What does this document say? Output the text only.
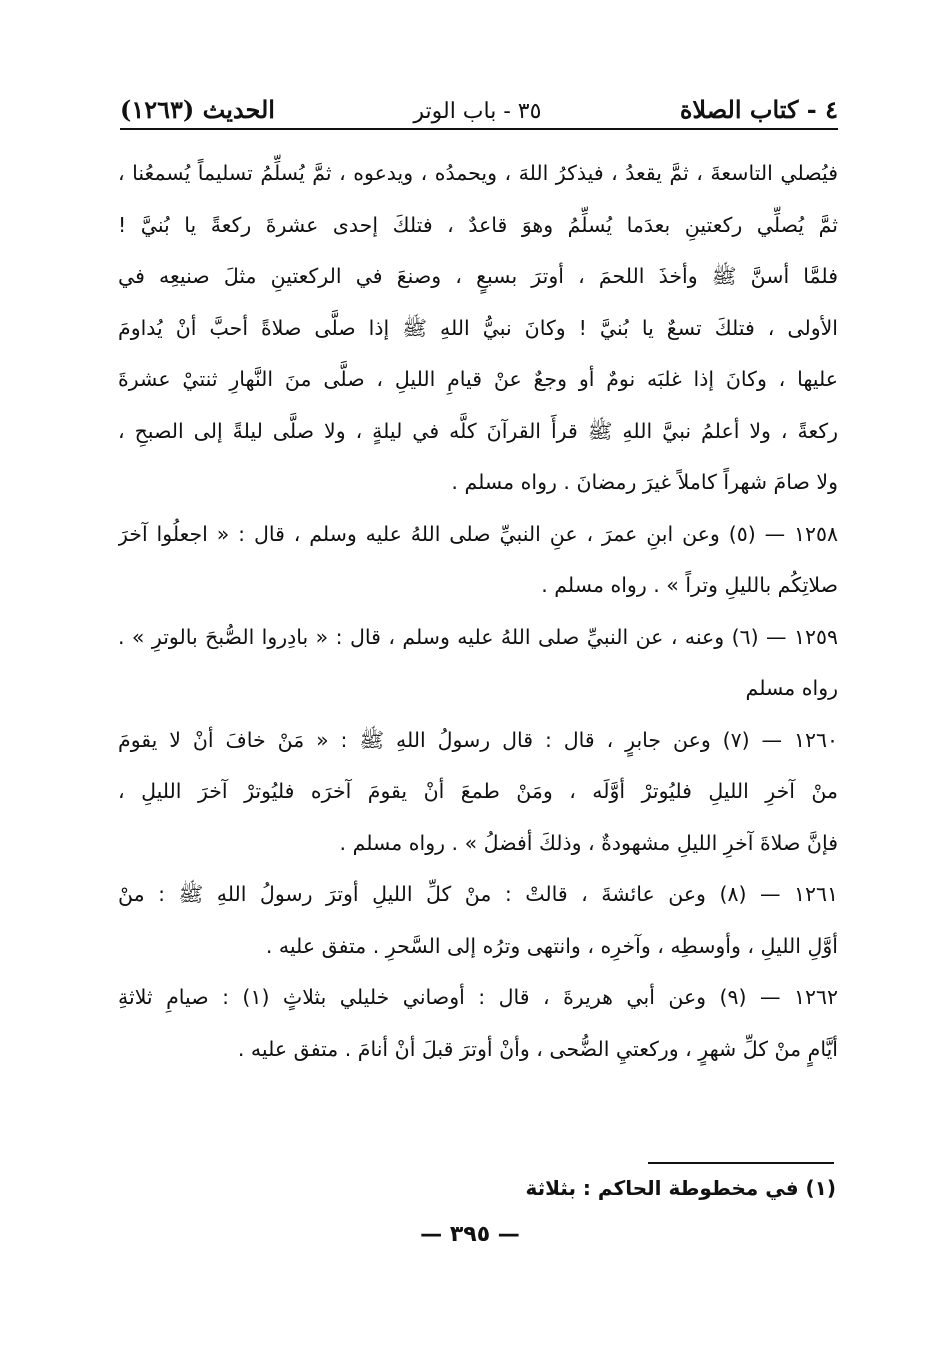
٤ - كتاب الصلاة
٣٥ - باب الوتر
الحديث (١٢٦٣)
فيُصلي التاسعةَ ، ثمَّ يقعدُ ، فيذكرُ اللهَ ، ويحمدُه ، ويدعوه ، ثمَّ يُسلِّمُ تسليماً يُسمعُنا ،
ثمَّ يُصلِّي ركعتينِ بعدَما يُسلِّمُ وهوَ قاعدٌ ، فتلكَ إحدى عشرةَ ركعةً يا بُنيَّ !
فلمَّا أسنَّ ﷺ وأخذَ اللحمَ ، أوترَ بسبعٍ ، وصنعَ في الركعتينِ مثلَ صنيعِه في
الأولى ، فتلكَ تسعٌ يا بُنيَّ ! وكانَ نبيُّ اللهِ ﷺ إذا صلَّى صلاةً أحبَّ أنْ يُداومَ
عليها ، وكانَ إذا غلبَه نومٌ أو وجعٌ عنْ قيامِ الليلِ ، صلَّى منَ النَّهارِ ثنتيْ عشرةَ
ركعةً ، ولا أعلمُ نبيَّ اللهِ ﷺ قرأَ القرآنَ كلَّه في ليلةٍ ، ولا صلَّى ليلةً إلى الصبحِ ،
ولا صامَ شهراً كاملاً غيرَ رمضانَ . رواه مسلم .
١٢٥٨ — (٥) وعن ابنِ عمرَ ، عنِ النبيِّ صلى اللهُ عليه وسلم ، قال : « اجعلُوا آخرَ
صلاتِكُم بالليلِ وتراً » . رواه مسلم .
١٢٥٩ — (٦) وعنه ، عن النبيِّ صلى اللهُ عليه وسلم ، قال : « بادِروا الصُّبحَ بالوترِ » .
رواه مسلم
١٢٦٠ — (٧) وعن جابرٍ ، قال : قال رسولُ اللهِ ﷺ : « مَنْ خافَ أنْ لا يقومَ
منْ آخرِ الليلِ فليُوترْ أوَّلَه ، ومَنْ طمعَ أنْ يقومَ آخرَه فليُوترْ آخرَ الليلِ ،
فإنَّ صلاةَ آخرِ الليلِ مشهودةٌ ، وذلكَ أفضلُ » . رواه مسلم .
١٢٦١ — (٨) وعن عائشةَ ، قالتْ : منْ كلِّ الليلِ أوترَ رسولُ اللهِ ﷺ : منْ
أوَّلِ الليلِ ، وأوسطِه ، وآخرِه ، وانتهى وترُه إلى السَّحرِ . متفق عليه .
١٢٦٢ — (٩) وعن أبي هريرةَ ، قال : أوصاني خليلي بثلاثٍ (١) : صيامِ ثلاثةِ
أيَّامٍ منْ كلِّ شهرٍ ، وركعتيِ الضُّحى ، وأنْ أوترَ قبلَ أنْ أنامَ . متفق عليه .
(١) في مخطوطة الحاكم : بثلاثة
— ٣٩٥ —
